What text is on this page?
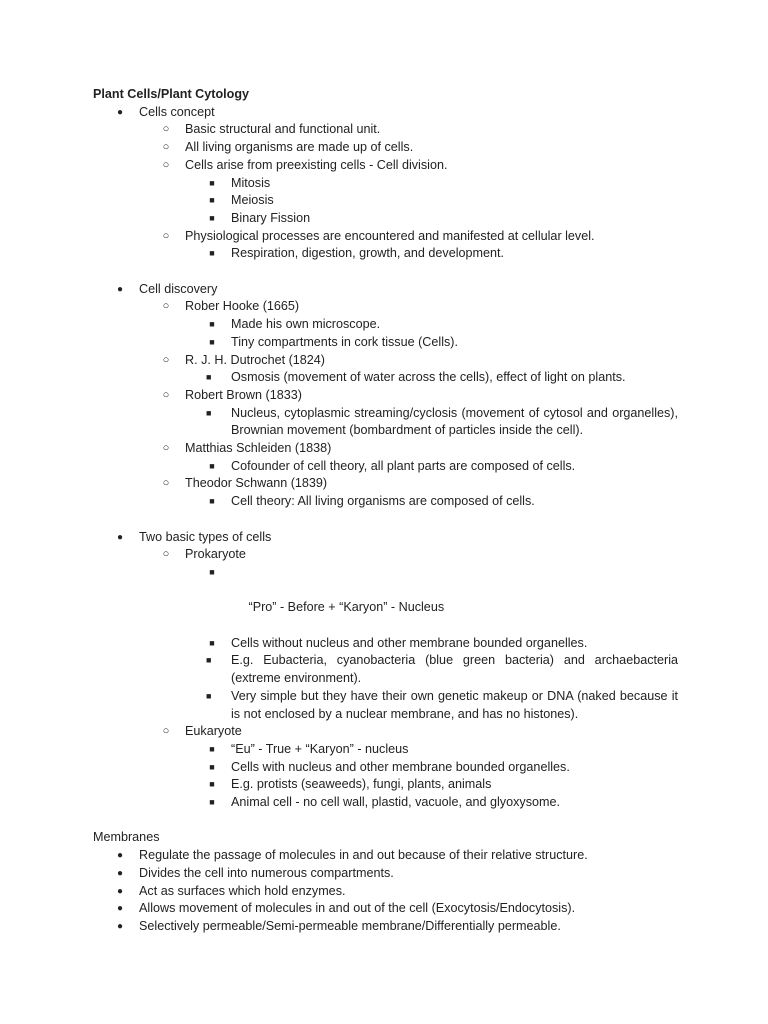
Plant Cells/Plant Cytology
● Cells concept
○ Basic structural and functional unit.
○ All living organisms are made up of cells.
○ Cells arise from preexisting cells - Cell division.
■ Mitosis
■ Meiosis
■ Binary Fission
○ Physiological processes are encountered and manifested at cellular level.
■ Respiration, digestion, growth, and development.
● Cell discovery
○ Rober Hooke (1665)
■ Made his own microscope.
■ Tiny compartments in cork tissue (Cells).
○ R. J. H. Dutrochet (1824)
■	Osmosis (movement of water across the cells), effect of light on plants.
○ Robert Brown (1833)
■	Nucleus, cytoplasmic streaming/cyclosis (movement of cytosol and organelles), Brownian movement (bombardment of particles inside the cell).
○ Matthias Schleiden (1838)
■ Cofounder of cell theory, all plant parts are composed of cells.
○ Theodor Schwann (1839)
■ Cell theory: All living organisms are composed of cells.
● Two basic types of cells
○ Prokaryote

■

“Pro” - Before + “Karyon” - Nucleus

■ Cells without nucleus and other membrane bounded organelles.
■	E.g. Eubacteria, cyanobacteria (blue green bacteria) and archaebacteria (extreme environment).
■	Very simple but they have their own genetic makeup or DNA (naked because it is not enclosed by a nuclear membrane, and has no histones).
○ Eukaryote
■ “Eu” - True + “Karyon” - nucleus
■ Cells with nucleus and other membrane bounded organelles.
■ E.g. protists (seaweeds), fungi, plants, animals
■ Animal cell - no cell wall, plastid, vacuole, and glyoxysome.
Membranes
● Regulate the passage of molecules in and out because of their relative structure.
● Divides the cell into numerous compartments.
● Act as surfaces which hold enzymes.
● Allows movement of molecules in and out of the cell (Exocytosis/Endocytosis).
● Selectively permeable/Semi-permeable membrane/Differentially permeable.
